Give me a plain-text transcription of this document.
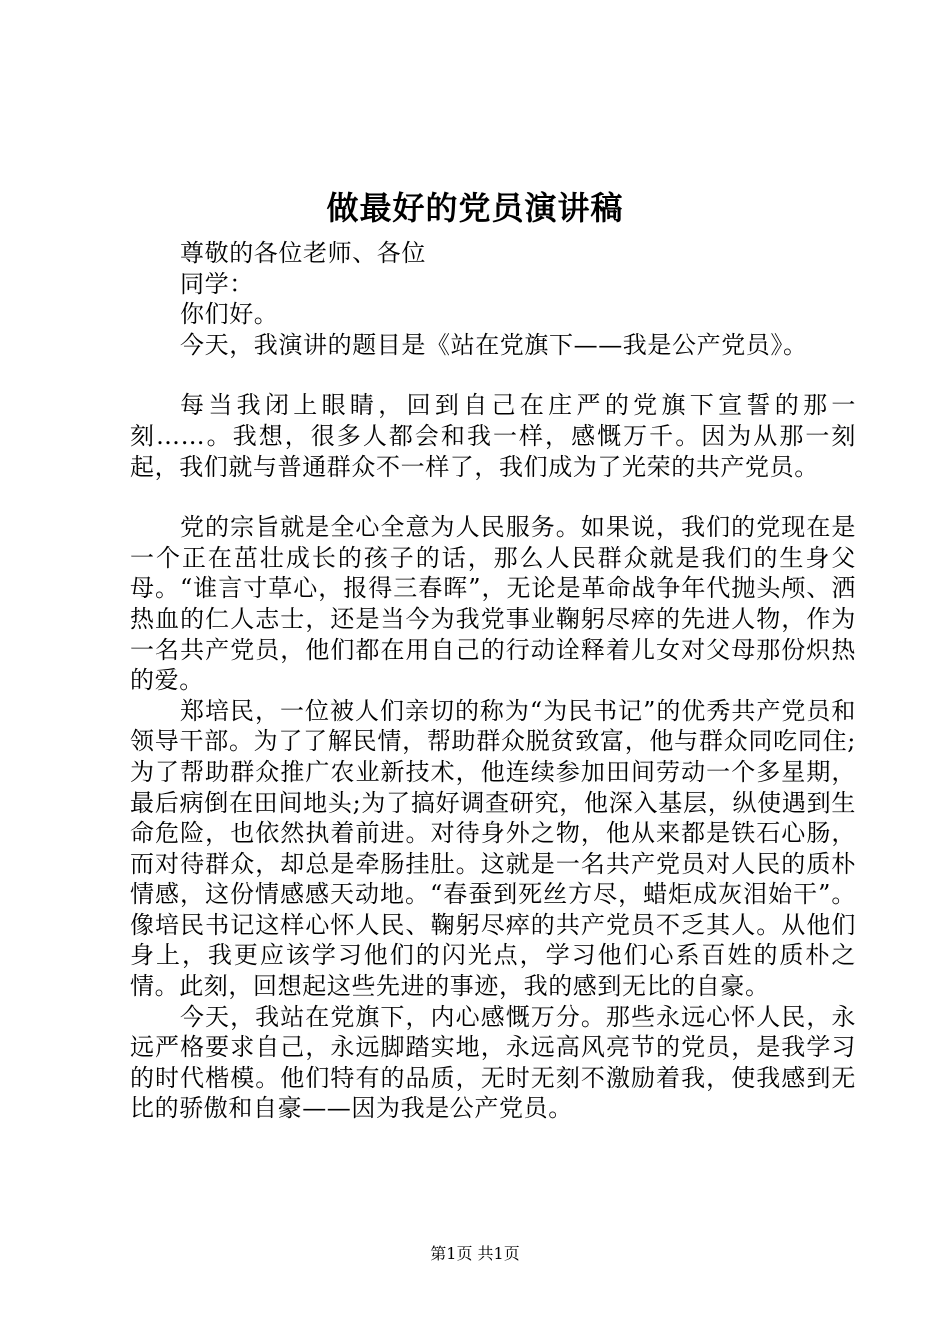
做最好的党员演讲稿

尊敬的各位老师、各位

同学：

你们好。

今天，我演讲的题目是《站在党旗下——我是公产党员》。

每当我闭上眼睛，回到自己在庄严的党旗下宣誓的那一刻……。我想，很多人都会和我一样，感慨万千。因为从那一刻起，我们就与普通群众不一样了，我们成为了光荣的共产党员。

党的宗旨就是全心全意为人民服务。如果说，我们的党现在是一个正在茁壮成长的孩子的话，那么人民群众就是我们的生身父母。“谁言寸草心，报得三春晖”，无论是革命战争年代抛头颅、洒热血的仁人志士，还是当今为我党事业鞠躬尽瘁的先进人物，作为一名共产党员，他们都在用自己的行动诠释着儿女对父母那份炽热的爱。

郑培民，一位被人们亲切的称为“为民书记”的优秀共产党员和领导干部。为了了解民情，帮助群众脱贫致富，他与群众同吃同住;为了帮助群众推广农业新技术，他连续参加田间劳动一个多星期，最后病倒在田间地头;为了搞好调查研究，他深入基层，纵使遇到生命危险，也依然执着前进。对待身外之物，他从来都是铁石心肠，而对待群众，却总是牵肠挂肚。这就是一名共产党员对人民的质朴情感，这份情感感天动地。“春蚕到死丝方尽，蜡炬成灰泪始干”。像培民书记这样心怀人民、鞠躬尽瘁的共产党员不乏其人。从他们身上，我更应该学习他们的闪光点，学习他们心系百姓的质朴之情。此刻，回想起这些先进的事迹，我的感到无比的自豪。

今天，我站在党旗下，内心感慨万分。那些永远心怀人民，永远严格要求自己，永远脚踏实地，永远高风亮节的党员，是我学习的时代楷模。他们特有的品质，无时无刻不激励着我，使我感到无比的骄傲和自豪——因为我是公产党员。

第1页 共1页
